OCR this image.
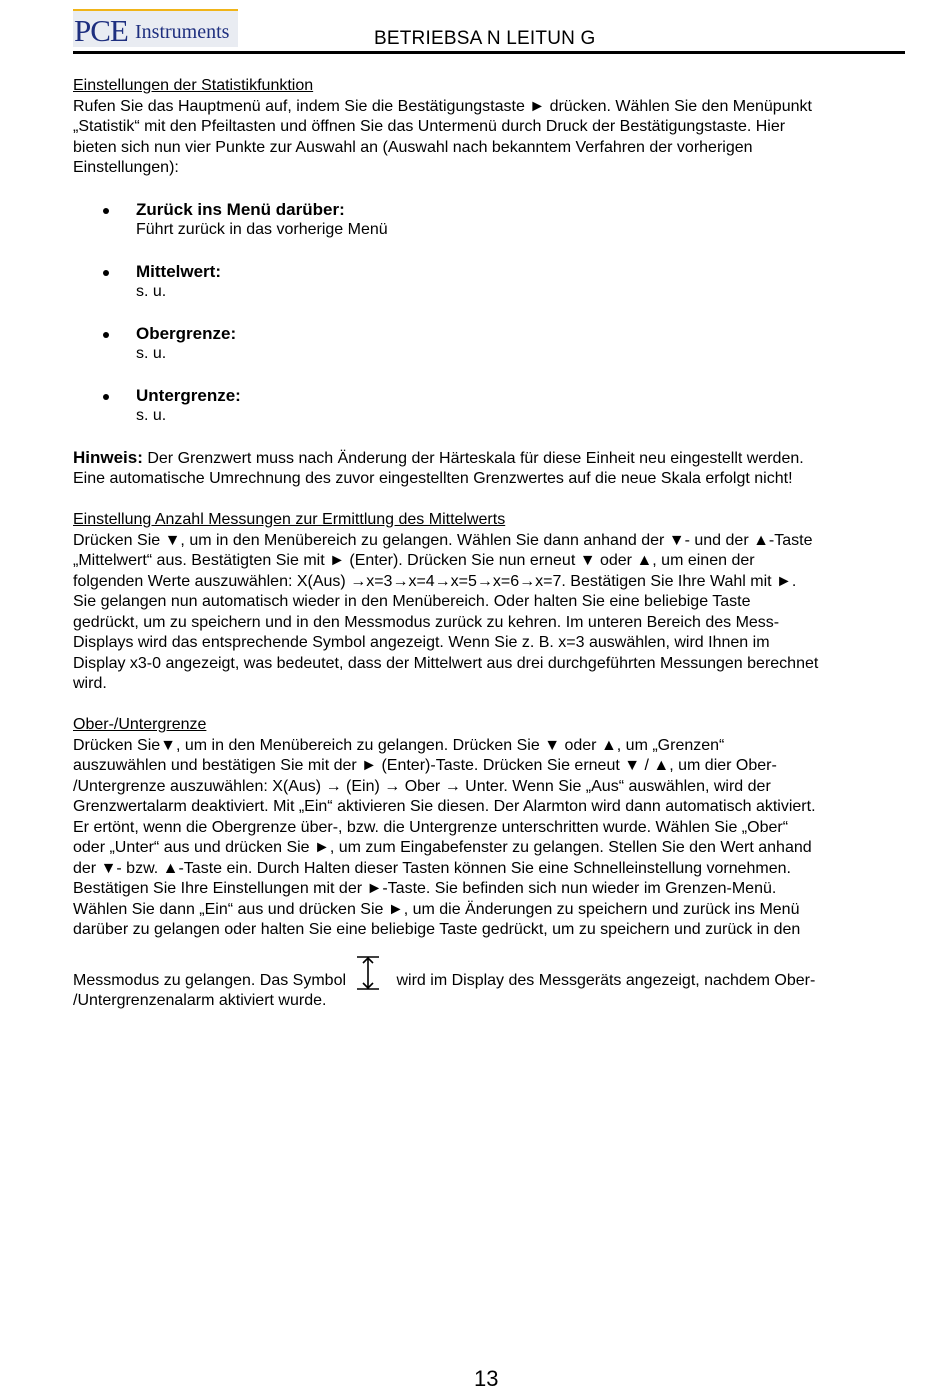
PCE Instruments	BETRIEBSA N LEITUN G

Einstellungen der Statistikfunktion

Rufen Sie das Hauptmenü auf, indem Sie die Bestätigungstaste ► drücken. Wählen Sie den Menüpunkt

„Statistik“ mit den Pfeiltasten und öffnen Sie das Untermenü durch Druck der Bestätigungstaste. Hier

bieten sich nun vier Punkte zur Auswahl an (Auswahl nach bekanntem Verfahren der vorherigen

Einstellungen):

Zurück ins Menü darüber:
Führt zurück in das vorherige Menü
Mittelwert:
s. u.
Obergrenze:
s. u.
Untergrenze:
s. u.

Hinweis: Der Grenzwert muss nach Änderung der Härteskala für diese Einheit neu eingestellt werden.

Eine automatische Umrechnung des zuvor eingestellten Grenzwertes auf die neue Skala erfolgt nicht!

Einstellung Anzahl Messungen zur Ermittlung des Mittelwerts

Drücken Sie ▼, um in den Menübereich zu gelangen. Wählen Sie dann anhand der ▼- und der ▲-Taste

„Mittelwert“ aus. Bestätigten Sie mit ► (Enter). Drücken Sie nun erneut ▼ oder ▲, um einen der

folgenden Werte auszuwählen: X(Aus) →x=3→x=4→x=5→x=6→x=7. Bestätigen Sie Ihre Wahl mit ►.

Sie gelangen nun automatisch wieder in den Menübereich. Oder halten Sie eine beliebige Taste

gedrückt, um zu speichern und in den Messmodus zurück zu kehren. Im unteren Bereich des Mess-

Displays wird das entsprechende Symbol angezeigt. Wenn Sie z. B. x=3 auswählen, wird Ihnen im

Display x3-0 angezeigt, was bedeutet, dass der Mittelwert aus drei durchgeführten Messungen berechnet

wird.

Ober-/Untergrenze

Drücken Sie▼, um in den Menübereich zu gelangen. Drücken Sie ▼ oder ▲, um „Grenzen“

auszuwählen und bestätigen Sie mit der ► (Enter)-Taste. Drücken Sie erneut ▼ / ▲, um dier Ober-

/Untergrenze auszuwählen: X(Aus) → (Ein) → Ober → Unter. Wenn Sie „Aus“ auswählen, wird der

Grenzwertalarm deaktiviert. Mit „Ein“ aktivieren Sie diesen. Der Alarmton wird dann automatisch aktiviert.

Er ertönt, wenn die Obergrenze über-, bzw. die Untergrenze unterschritten wurde. Wählen Sie „Ober“

oder „Unter“ aus und drücken Sie ►, um zum Eingabefenster zu gelangen. Stellen Sie den Wert anhand

der ▼- bzw. ▲-Taste ein. Durch Halten dieser Tasten können Sie eine Schnelleinstellung vornehmen.

Bestätigen Sie Ihre Einstellungen mit der ►-Taste. Sie befinden sich nun wieder im Grenzen-Menü.

Wählen Sie dann „Ein“ aus und drücken Sie ►, um die Änderungen zu speichern und zurück ins Menü

darüber zu gelangen oder halten Sie eine beliebige Taste gedrückt, um zu speichern und zurück in den

Messmodus zu gelangen. Das Symbol	wird im Display des Messgeräts angezeigt, nachdem Ober-

/Untergrenzenalarm aktiviert wurde.

13
